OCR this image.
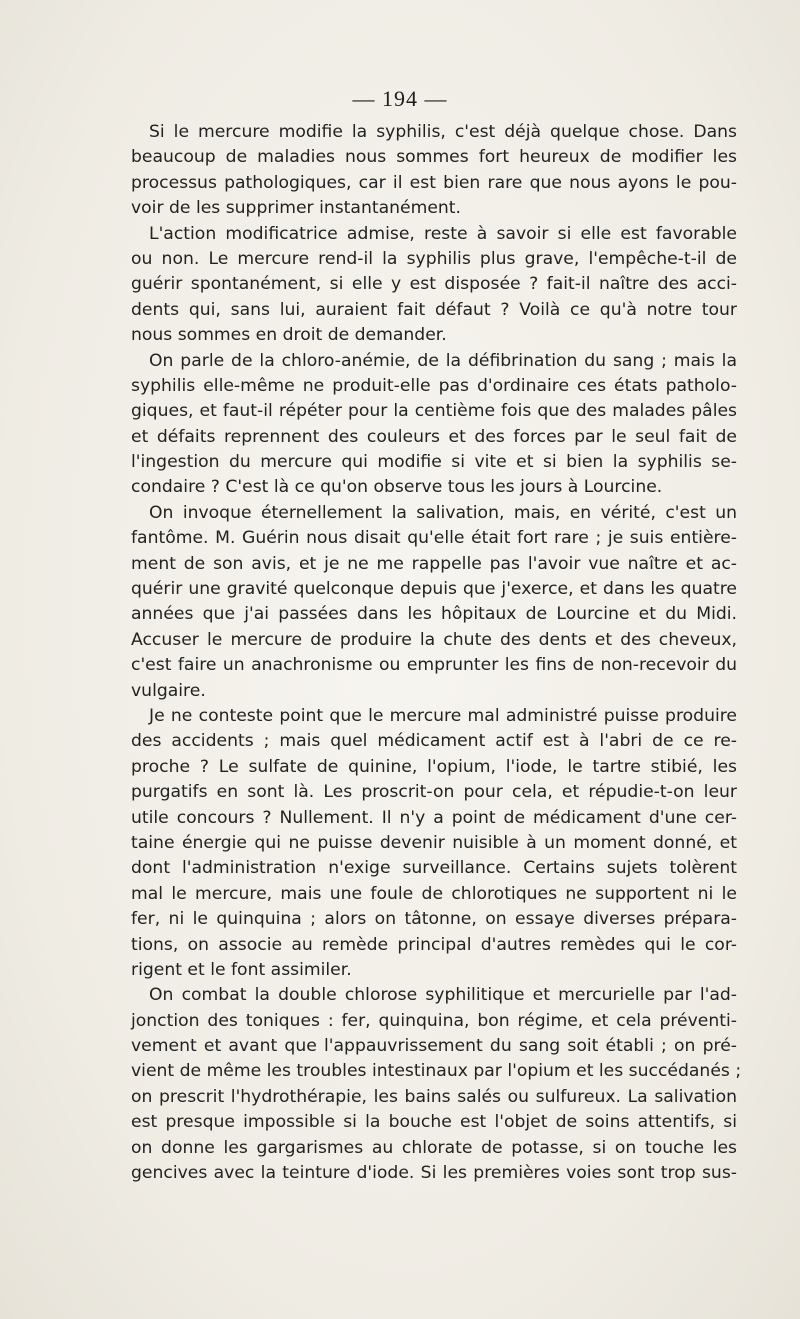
— 194 —
Si le mercure modifie la syphilis, c'est déjà quelque chose. Dans
beaucoup de maladies nous sommes fort heureux de modifier les
processus pathologiques, car il est bien rare que nous ayons le pou-
voir de les supprimer instantanément.
L'action modificatrice admise, reste à savoir si elle est favorable
ou non. Le mercure rend-il la syphilis plus grave, l'empêche-t-il de
guérir spontanément, si elle y est disposée ? fait-il naître des acci-
dents qui, sans lui, auraient fait défaut ? Voilà ce qu'à notre tour
nous sommes en droit de demander.
On parle de la chloro-anémie, de la défibrination du sang ; mais la
syphilis elle-même ne produit-elle pas d'ordinaire ces états patholo-
giques, et faut-il répéter pour la centième fois que des malades pâles
et défaits reprennent des couleurs et des forces par le seul fait de
l'ingestion du mercure qui modifie si vite et si bien la syphilis se-
condaire ? C'est là ce qu'on observe tous les jours à Lourcine.
On invoque éternellement la salivation, mais, en vérité, c'est un
fantôme. M. Guérin nous disait qu'elle était fort rare ; je suis entière-
ment de son avis, et je ne me rappelle pas l'avoir vue naître et ac-
quérir une gravité quelconque depuis que j'exerce, et dans les quatre
années que j'ai passées dans les hôpitaux de Lourcine et du Midi.
Accuser le mercure de produire la chute des dents et des cheveux,
c'est faire un anachronisme ou emprunter les fins de non-recevoir du
vulgaire.
Je ne conteste point que le mercure mal administré puisse produire
des accidents ; mais quel médicament actif est à l'abri de ce re-
proche ? Le sulfate de quinine, l'opium, l'iode, le tartre stibié, les
purgatifs en sont là. Les proscrit-on pour cela, et répudie-t-on leur
utile concours ? Nullement. Il n'y a point de médicament d'une cer-
taine énergie qui ne puisse devenir nuisible à un moment donné, et
dont l'administration n'exige surveillance. Certains sujets tolèrent
mal le mercure, mais une foule de chlorotiques ne supportent ni le
fer, ni le quinquina ; alors on tâtonne, on essaye diverses prépara-
tions, on associe au remède principal d'autres remèdes qui le cor-
rigent et le font assimiler.
On combat la double chlorose syphilitique et mercurielle par l'ad-
jonction des toniques : fer, quinquina, bon régime, et cela préventi-
vement et avant que l'appauvrissement du sang soit établi ; on pré-
vient de même les troubles intestinaux par l'opium et les succédanés ;
on prescrit l'hydrothérapie, les bains salés ou sulfureux. La salivation
est presque impossible si la bouche est l'objet de soins attentifs, si
on donne les gargarismes au chlorate de potasse, si on touche les
gencives avec la teinture d'iode. Si les premières voies sont trop sus-
